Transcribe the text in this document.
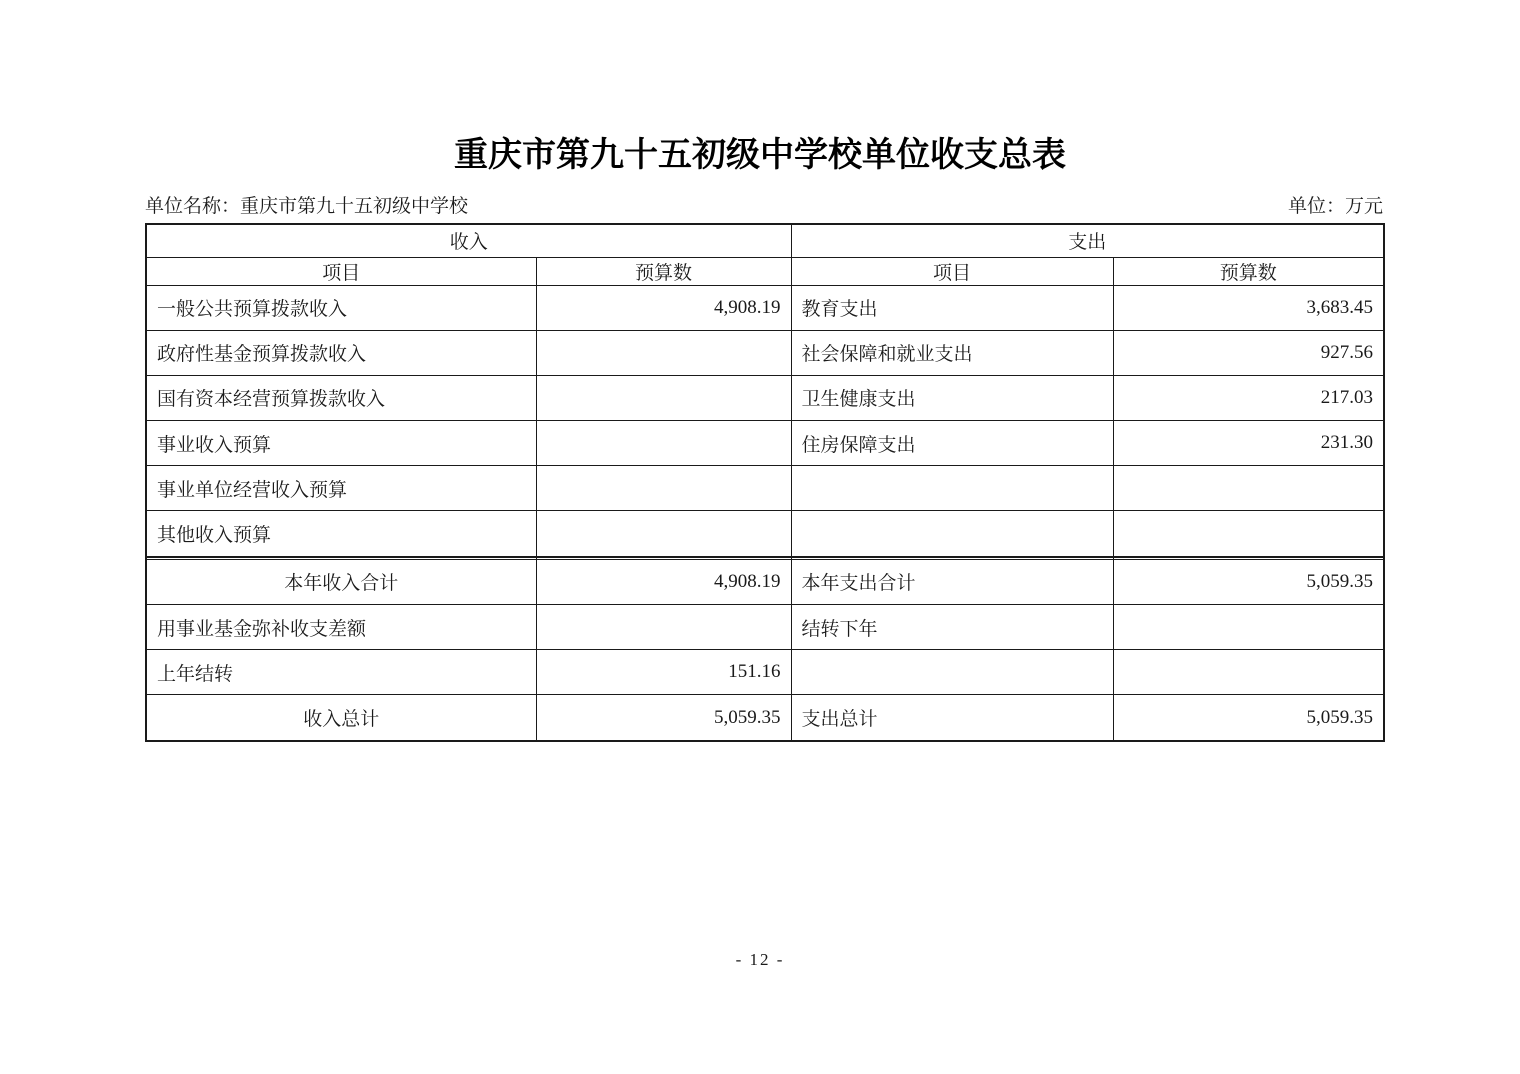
重庆市第九十五初级中学校单位收支总表
单位名称：重庆市第九十五初级中学校	单位：万元
收入		支出	
项目	预算数	项目	预算数
一般公共预算拨款收入	4,908.19	教育支出	3,683.45
政府性基金预算拨款收入		社会保障和就业支出	927.56
国有资本经营预算拨款收入		卫生健康支出	217.03
事业收入预算		住房保障支出	231.30
事业单位经营收入预算			
其他收入预算			

本年收入合计	4,908.19	本年支出合计	5,059.35
用事业基金弥补收支差额		结转下年	
上年结转	151.16		
收入总计	5,059.35	支出总计	5,059.35
- 12 -
